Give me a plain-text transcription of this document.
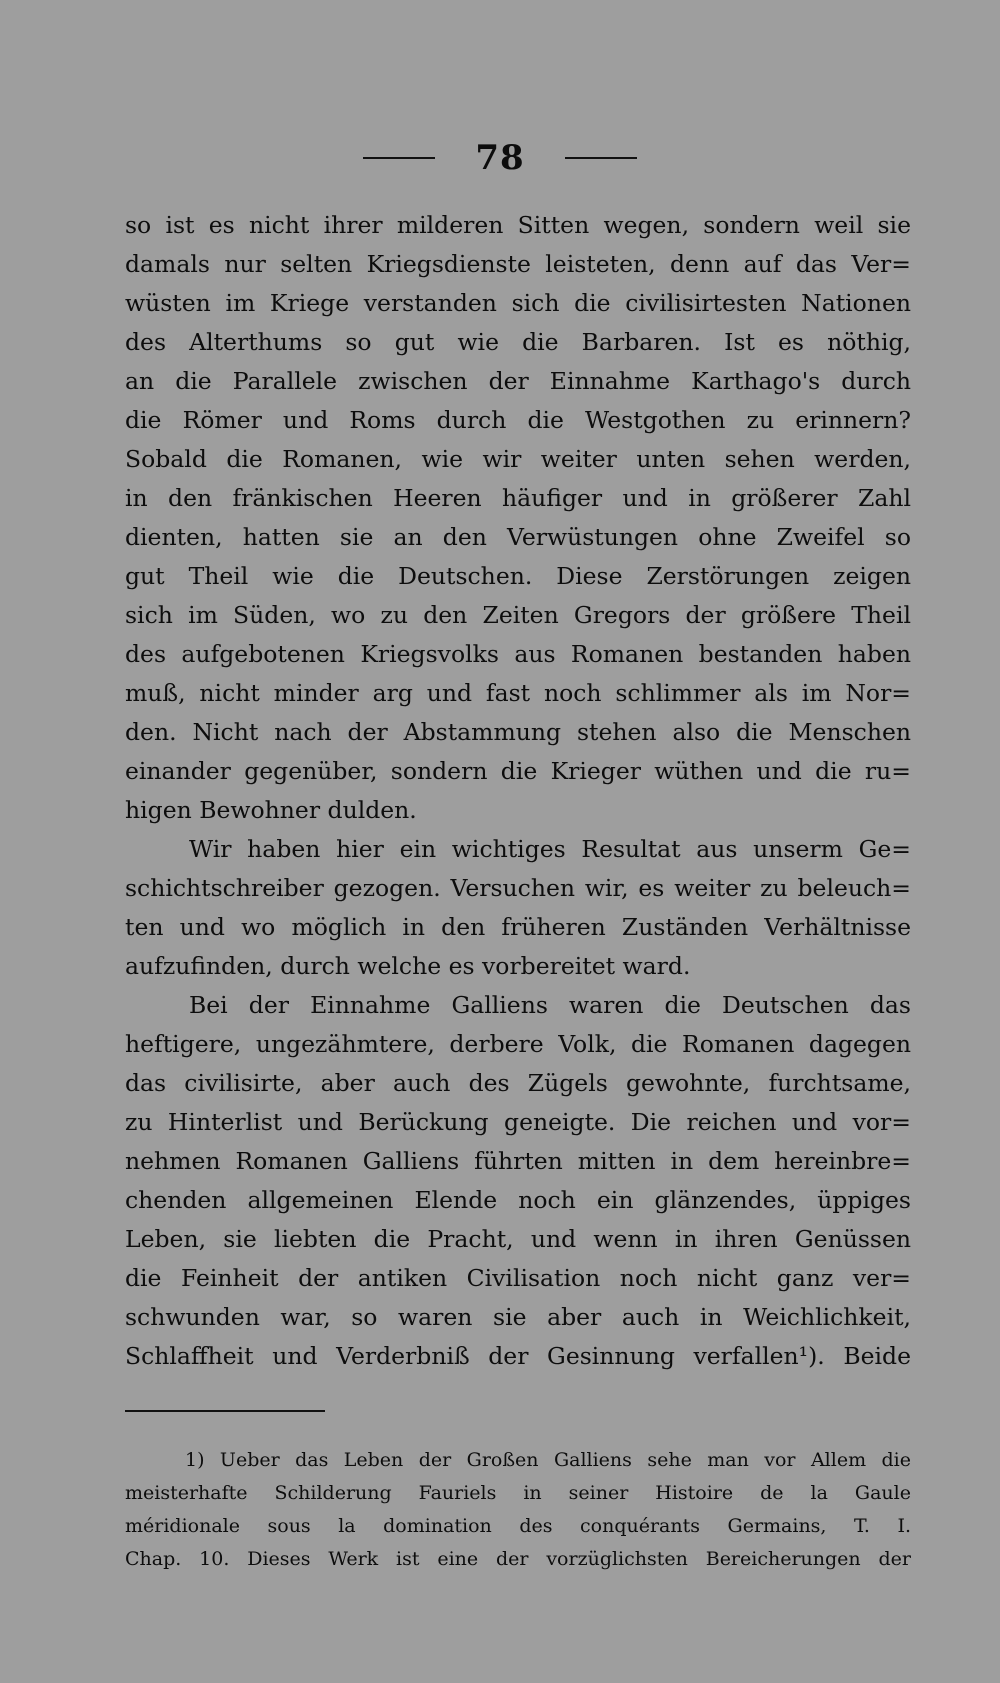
78
so ist es nicht ihrer milderen Sitten wegen, sondern weil sie
damals nur selten Kriegsdienste leisteten, denn auf das Ver=
wüsten im Kriege verstanden sich die civilisirtesten Nationen
des Alterthums so gut wie die Barbaren. Ist es nöthig,
an die Parallele zwischen der Einnahme Karthago's durch
die Römer und Roms durch die Westgothen zu erinnern?
Sobald die Romanen, wie wir weiter unten sehen werden,
in den fränkischen Heeren häufiger und in größerer Zahl
dienten, hatten sie an den Verwüstungen ohne Zweifel so
gut Theil wie die Deutschen. Diese Zerstörungen zeigen
sich im Süden, wo zu den Zeiten Gregors der größere Theil
des aufgebotenen Kriegsvolks aus Romanen bestanden haben
muß, nicht minder arg und fast noch schlimmer als im Nor=
den. Nicht nach der Abstammung stehen also die Menschen
einander gegenüber, sondern die Krieger wüthen und die ru=
higen Bewohner dulden.
Wir haben hier ein wichtiges Resultat aus unserm Ge=
schichtschreiber gezogen. Versuchen wir, es weiter zu beleuch=
ten und wo möglich in den früheren Zuständen Verhältnisse
aufzufinden, durch welche es vorbereitet ward.
Bei der Einnahme Galliens waren die Deutschen das
heftigere, ungezähmtere, derbere Volk, die Romanen dagegen
das civilisirte, aber auch des Zügels gewohnte, furchtsame,
zu Hinterlist und Berückung geneigte. Die reichen und vor=
nehmen Romanen Galliens führten mitten in dem hereinbre=
chenden allgemeinen Elende noch ein glänzendes, üppiges
Leben, sie liebten die Pracht, und wenn in ihren Genüssen
die Feinheit der antiken Civilisation noch nicht ganz ver=
schwunden war, so waren sie aber auch in Weichlichkeit,
Schlaffheit und Verderbniß der Gesinnung verfallen¹). Beide
1) Ueber das Leben der Großen Galliens sehe man vor Allem die
meisterhafte Schilderung Fauriels in seiner Histoire de la Gaule
méridionale sous la domination des conquérants Germains, T. I.
Chap. 10. Dieses Werk ist eine der vorzüglichsten Bereicherungen der
